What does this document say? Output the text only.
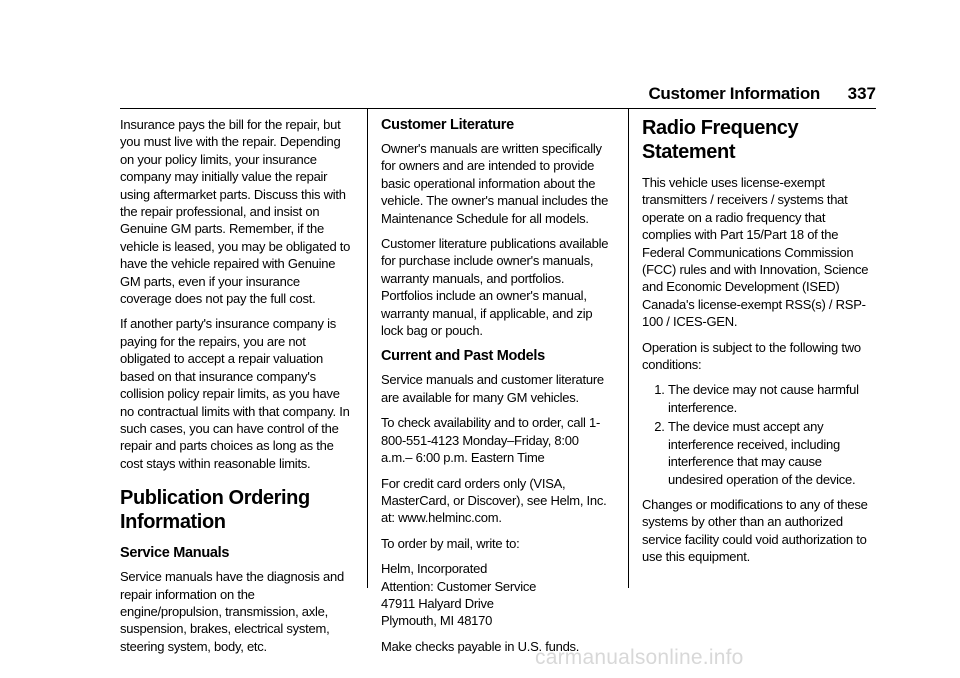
Customer Information 337

Insurance pays the bill for the repair, but you must live with the repair. Depending on your policy limits, your insurance company may initially value the repair using aftermarket parts. Discuss this with the repair professional, and insist on Genuine GM parts. Remember, if the vehicle is leased, you may be obligated to have the vehicle repaired with Genuine GM parts, even if your insurance coverage does not pay the full cost.

If another party's insurance company is paying for the repairs, you are not obligated to accept a repair valuation based on that insurance company's collision policy repair limits, as you have no contractual limits with that company. In such cases, you can have control of the repair and parts choices as long as the cost stays within reasonable limits.

Publication Ordering Information
Service Manuals

Service manuals have the diagnosis and repair information on the engine/propulsion, transmission, axle, suspension, brakes, electrical system, steering system, body, etc.

Customer Literature

Owner's manuals are written specifically for owners and are intended to provide basic operational information about the vehicle. The owner's manual includes the Maintenance Schedule for all models.

Customer literature publications available for purchase include owner's manuals, warranty manuals, and portfolios. Portfolios include an owner's manual, warranty manual, if applicable, and zip lock bag or pouch.

Current and Past Models

Service manuals and customer literature are available for many GM vehicles.

To check availability and to order, call 1-800-551-4123 Monday–Friday, 8:00 a.m.– 6:00 p.m. Eastern Time

For credit card orders only (VISA, MasterCard, or Discover), see Helm, Inc. at: www.helminc.com.

To order by mail, write to:

Helm, Incorporated
Attention: Customer Service
47911 Halyard Drive
Plymouth, MI 48170

Make checks payable in U.S. funds.

Radio Frequency Statement

This vehicle uses license-exempt transmitters / receivers / systems that operate on a radio frequency that complies with Part 15/Part 18 of the Federal Communications Commission (FCC) rules and with Innovation, Science and Economic Development (ISED) Canada's license-exempt RSS(s) / RSP-100 / ICES-GEN.

Operation is subject to the following two conditions:

1. The device may not cause harmful interference.
2. The device must accept any interference received, including interference that may cause undesired operation of the device.

Changes or modifications to any of these systems by other than an authorized service facility could void authorization to use this equipment.

carmanualsonline.info
